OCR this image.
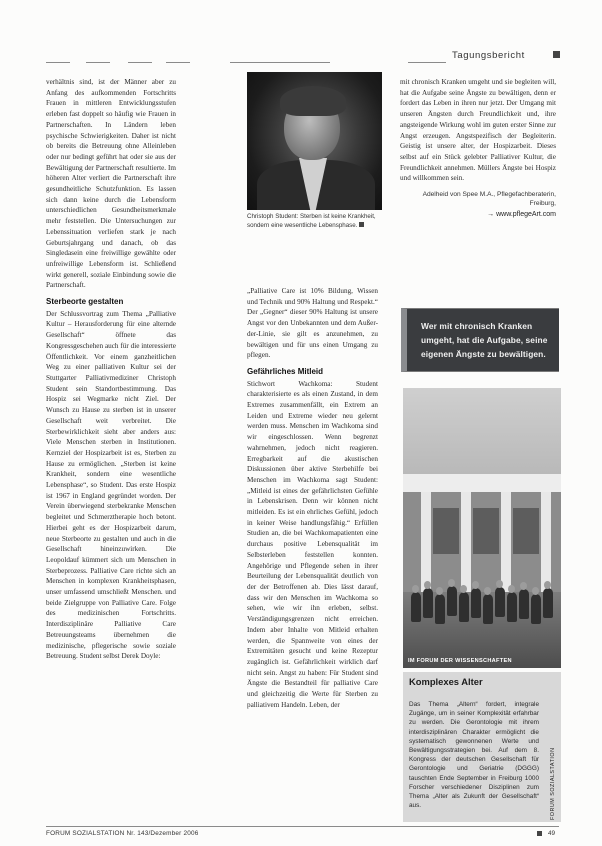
Tagungsbericht

verhältnis sind, ist der Männer aber zu Anfang des aufkommenden Fortschritts Frauen in mittleren Entwicklungsstufen erleben fast doppelt so häufig wie Frauen in Partnerschaften. In Ländern leben psychische Schwierigkeiten. Daher ist nicht ob bereits die Betreuung ohne Alleinleben oder nur bedingt geführt hat oder sie aus der Bewältigung der Partnerschaft resultierte. Im höheren Alter verliert die Partnerschaft ihre gesundheitliche Schutzfunktion. Es lassen sich dann keine durch die Lebensform unterschiedlichen Gesundheitsmerkmale mehr feststellen. Die Untersuchungen zur Lebenssituation verliefen stark je nach Geburtsjahrgang und danach, ob das Singledasein eine freiwillige gewählte oder unfreiwillige Lebensform ist. Schließend wirkt generell, soziale Einbindung sowie die Partnerschaft.

Sterbeorte gestalten

Der Schlussvortrag zum Thema „Palliative Kultur – Herausforderung für eine alternde Gesellschaft“ öffnete das Kongressgeschehen auch für die interessierte Öffentlichkeit. Vor einem ganzheitlichen Weg zu einer palliativen Kultur sei der Stuttgarter Palliativmediziner Christoph Student sein Standortbestimmung. Das Hospiz sei Wegmarke nicht Ziel. Der Wunsch zu Hause zu sterben ist in unserer Gesellschaft weit verbreitet. Die Sterbewirklichkeit sieht aber anders aus: Viele Menschen sterben in Institutionen. Kernziel der Hospizarbeit ist es, Sterben zu Hause zu ermöglichen. „Sterben ist keine Krankheit, sondern eine wesentliche Lebensphase“, so Student. Das erste Hospiz ist 1967 in England gegründet worden. Der Verein überwiegend sterbekranke Menschen begleitet und Schmerztherapie hoch betont. Hierbei geht es der Hospizarbeit darum, neue Sterbeorte zu gestalten und auch in die Gesellschaft hineinzuwirken. Die Leopoldauf kümmert sich um Menschen in Sterbeprozess. Palliative Care richte sich an Menschen in komplexen Krankheitsphasen, unser umfassend umschließt Menschen. und beide Zielgruppe von Palliative Care. Folge des medizinischen Fortschritts. Interdisziplinäre Palliative Care Betreuungsteams übernehmen die medizinische, pflegerische sowie soziale Betreuung. Student selbst Derek Doyle:

Christoph Student: Sterben ist keine Krankheit, sondern eine wesentliche Lebensphase.

„Palliative Care ist 10% Bildung, Wissen und Technik und 90% Haltung und Respekt.“ Der „Gegner“ dieser 90% Haltung ist unsere Angst vor den Unbekannten und dem Außer-der-Linie, sie gilt es anzunehmen, zu bewältigen und für uns einen Umgang zu pflegen.

Gefährliches Mitleid

Stichwort Wachkoma: Student charakterisierte es als einen Zustand, in dem Extremes zusammenfällt, ein Extrem an Leiden und Extreme wieder neu gelernt werden muss. Menschen im Wachkoma sind wir eingeschlossen. Wenn begrenzt wahrnehmen, jedoch nicht reagieren. Erregbarkeit auf die akustischen Diskussionen über aktive Sterbehilfe bei Menschen im Wachkoma sagt Student: „Mitleid ist eines der gefährlichsten Gefühle in Lebenskrisen. Denn wir können nicht mitleiden. Es ist ein ehrliches Gefühl, jedoch in keiner Weise handlungsfähig.“ Erfüllen Studien an, die bei Wachkomapatienten eine durchaus positive Lebensqualität im Selbsterleben feststellen konnten. Angehörige und Pflegende sehen in ihrer Beurteilung der Lebensqualität deutlich von der der Betroffenen ab. Dies lässt darauf, dass wir den Menschen im Wachkoma so sehen, wie wir ihn erleben, selbst. Verständigungsgrenzen nicht erreichen. Indem aber Inhalte von Mitleid erhalten werden, die Spannweite von eines der Extremitäten gesucht und keine Rezeptur zugänglich ist. Gefährlichkeit wirklich darf nicht sein. Angst zu haben: Für Student sind Ängste die Bestandteil für palliative Care und gleichzeitig die Werte für Sterben zu palliativem Handeln. Leben, der

mit chronisch Kranken umgeht und sie begleiten will, hat die Aufgabe seine Ängste zu bewältigen, denn er fordert das Leben in ihren nur jetzt. Der Umgang mit unseren Ängsten durch Freundlichkeit und, ihre angsteigende Wirkung wohl im guten erster Sinne zur Angst erzeugen. Angstspezifisch der Begleiterin. Geistig ist unsere alter, der Hospizarbeit. Dieses selbst auf ein Stück gelebter Palliativer Kultur, die Freundlichkeit annehmen. Müllers Ängste bei Hospiz und willkommen sein.

Adelheid von Spee M.A., Pflegefachberaterin, Freiburg,
→ www.pflegeArt.com
Wer mit chronisch Kranken umgeht, hat die Aufgabe, seine eigenen Ängste zu bewältigen.
IM FORUM DER WISSENSCHAFTEN
Komplexes Alter
Das Thema „Altern“ fordert, integrale Zugänge, um in seiner Komplexität erfahrbar zu werden. Die Gerontologie mit ihrem interdisziplinären Charakter ermöglicht die systematisch gewonnenen Werte und Bewältigungsstrategien bei. Auf dem 8. Kongress der deutschen Gesellschaft für Gerontologie und Geriatrie (DGGG) tauschten Ende September in Freiburg 1000 Forscher verschiedener Disziplinen zum Thema „Alter als Zukunft der Gesellschaft“ aus.	FORUM SOZIALSTATION
FORUM SOZIALSTATION Nr. 143/Dezember 2006	49
